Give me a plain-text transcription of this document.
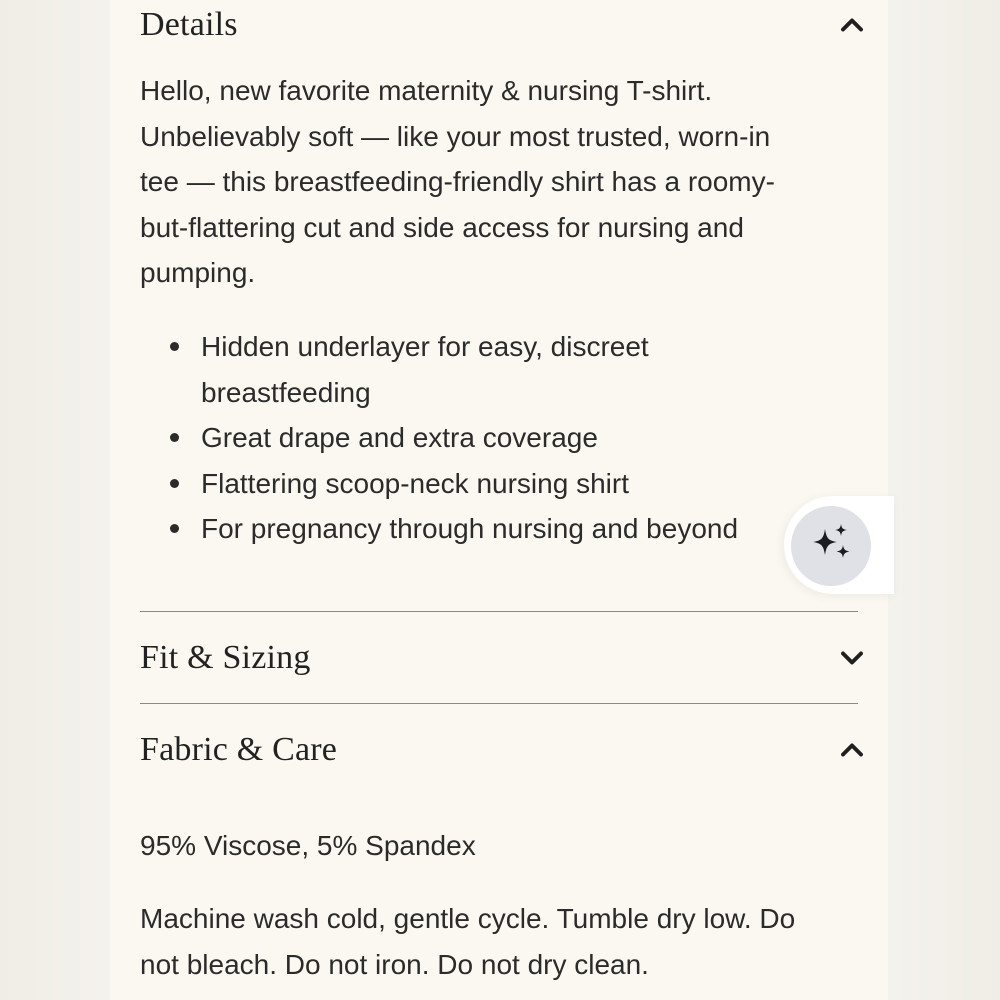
Details
Hello, new favorite maternity & nursing T-shirt.
Unbelievably soft — like your most trusted, worn-in
tee — this breastfeeding-friendly shirt has a roomy-
but-flattering cut and side access for nursing and
pumping.
Hidden underlayer for easy, discreet
breastfeeding
Great drape and extra coverage
Flattering scoop-neck nursing shirt
For pregnancy through nursing and beyond
Fit & Sizing
Fabric & Care
95% Viscose, 5% Spandex
Machine wash cold, gentle cycle. Tumble dry low. Do
not bleach. Do not iron. Do not dry clean.
